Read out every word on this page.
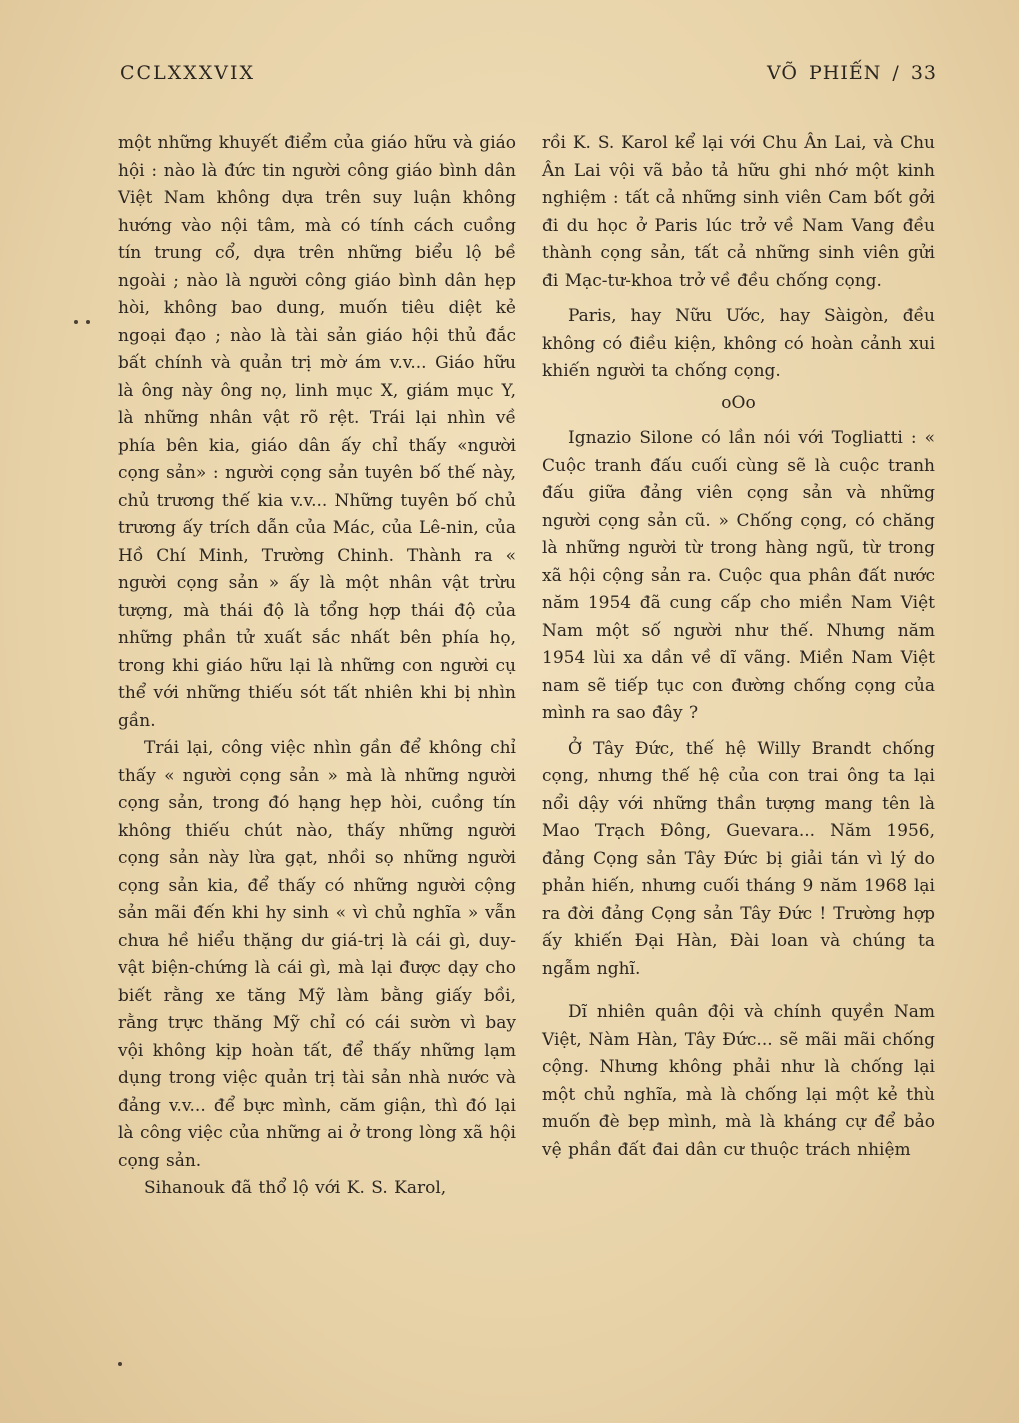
CCLXXXVIX	VÕ PHIẾN / 33

một những khuyết điểm của giáo hữu và giáo hội : nào là đức tin người công giáo bình dân Việt Nam không dựa trên suy luận không hướng vào nội tâm, mà có tính cách cuồng tín trung cổ, dựa trên những biểu lộ bề ngoài ; nào là người công giáo bình dân hẹp hòi, không bao dung, muốn tiêu diệt kẻ ngoại đạo ; nào là tài sản giáo hội thủ đắc bất chính và quản trị mờ ám v.v... Giáo hữu là ông này ông nọ, linh mục X, giám mục Y, là những nhân vật rõ rệt. Trái lại nhìn về phía bên kia, giáo dân ấy chỉ thấy «người cọng sản» : người cọng sản tuyên bố thế này, chủ trương thế kia v.v... Những tuyên bố chủ trương ấy trích dẫn của Mác, của Lê-nin, của Hồ Chí Minh, Trường Chinh. Thành ra « người cọng sản » ấy là một nhân vật trừu tượng, mà thái độ là tổng hợp thái độ của những phần tử xuất sắc nhất bên phía họ, trong khi giáo hữu lại là những con người cụ thể với những thiếu sót tất nhiên khi bị nhìn gần.

Trái lại, công việc nhìn gần để không chỉ thấy « người cọng sản » mà là những người cọng sản, trong đó hạng hẹp hòi, cuồng tín không thiếu chút nào, thấy những người cọng sản này lừa gạt, nhồi sọ những người cọng sản kia, để thấy có những người cộng sản mãi đến khi hy sinh « vì chủ nghĩa » vẫn chưa hề hiểu thặng dư giá-trị là cái gì, duy-vật biện-chứng là cái gì, mà lại được dạy cho biết rằng xe tăng Mỹ làm bằng giấy bồi, rằng trực thăng Mỹ chỉ có cái sườn vì bay vội không kịp hoàn tất, để thấy những lạm dụng trong việc quản trị tài sản nhà nước và đảng v.v... để bực mình, căm giận, thì đó lại là công việc của những ai ở trong lòng xã hội cọng sản.

Sihanouk đã thổ lộ với K. S. Karol,

rồi K. S. Karol kể lại với Chu Ân Lai, và Chu Ân Lai vội vã bảo tả hữu ghi nhớ một kinh nghiệm : tất cả những sinh viên Cam bốt gởi đi du học ở Paris lúc trở về Nam Vang đều thành cọng sản, tất cả những sinh viên gửi đi Mạc-tư-khoa trở về đều chống cọng.

Paris, hay Nữu Ước, hay Sàigòn, đều không có điều kiện, không có hoàn cảnh xui khiến người ta chống cọng.

oOo

Ignazio Silone có lần nói với Togliatti : « Cuộc tranh đấu cuối cùng sẽ là cuộc tranh đấu giữa đảng viên cọng sản và những người cọng sản cũ. » Chống cọng, có chăng là những người từ trong hàng ngũ, từ trong xã hội cộng sản ra. Cuộc qua phân đất nước năm 1954 đã cung cấp cho miền Nam Việt Nam một số người như thế. Nhưng năm 1954 lùi xa dần về dĩ vãng. Miền Nam Việt nam sẽ tiếp tục con đường chống cọng của mình ra sao đây ?

Ở Tây Đức, thế hệ Willy Brandt chống cọng, nhưng thế hệ của con trai ông ta lại nổi dậy với những thần tượng mang tên là Mao Trạch Đông, Guevara... Năm 1956, đảng Cọng sản Tây Đức bị giải tán vì lý do phản hiến, nhưng cuối tháng 9 năm 1968 lại ra đời đảng Cọng sản Tây Đức ! Trường hợp ấy khiến Đại Hàn, Đài loan và chúng ta ngẫm nghĩ.

Dĩ nhiên quân đội và chính quyền Nam Việt, Nàm Hàn, Tây Đức... sẽ mãi mãi chống cộng. Nhưng không phải như là chống lại một chủ nghĩa, mà là chống lại một kẻ thù muốn đè bẹp mình, mà là kháng cự để bảo vệ phần đất đai dân cư thuộc trách nhiệm
